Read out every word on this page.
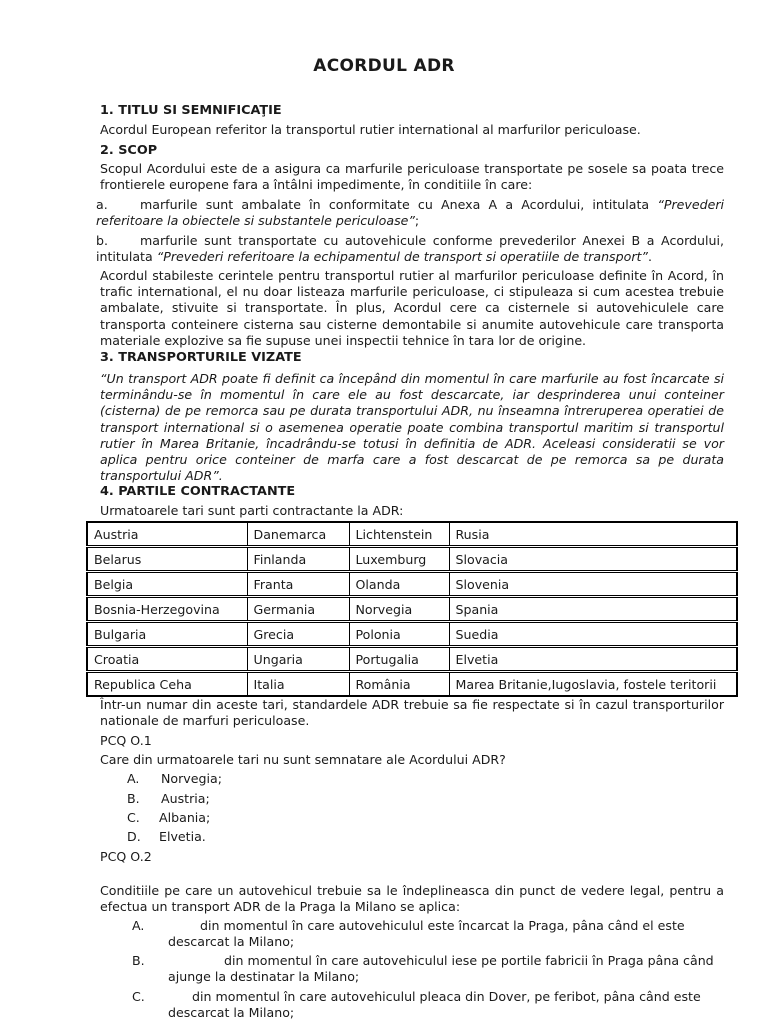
ACORDUL ADR
1. TITLU SI SEMNIFICAŢIE
Acordul European referitor la transportul rutier international al marfurilor periculoase.
2. SCOP
Scopul Acordului este de a asigura ca marfurile periculoase transportate pe sosele sa poata trece frontierele europene fara a întâlni impedimente, în conditiile în care:
a.	marfurile sunt ambalate în conformitate cu Anexa A a Acordului, intitulata “Prevederi referitoare la obiectele si substantele periculoase”;
b.	marfurile sunt transportate cu autovehicule conforme prevederilor Anexei B a Acordului, intitulata “Prevederi referitoare la echipamentul de transport si operatiile de transport”.
Acordul stabileste cerintele pentru transportul rutier al marfurilor periculoase definite în Acord, în trafic international, el nu doar listeaza marfurile periculoase, ci stipuleaza si cum acestea trebuie ambalate, stivuite si transportate. În plus, Acordul cere ca cisternele si autovehiculele care transporta conteinere cisterna sau cisterne demontabile si anumite autovehicule care transporta materiale explozive sa fie supuse unei inspectii tehnice în tara lor de origine.
3. TRANSPORTURILE VIZATE
“Un transport ADR poate fi definit ca începând din momentul în care marfurile au fost încarcate si terminându-se în momentul în care ele au fost descarcate, iar desprinderea unui conteiner (cisterna) de pe remorca sau pe durata transportului ADR, nu înseamna întreruperea operatiei de transport international si o asemenea operatie poate combina transportul maritim si transportul rutier în Marea Britanie, încadrându-se totusi în definitia de ADR. Aceleasi consideratii se vor aplica pentru orice conteiner de marfa care a fost descarcat de pe remorca sa pe durata transportului ADR”.
4. PARTILE CONTRACTANTE
Urmatoarele tari sunt parti contractante la ADR:
Austria	Danemarca	Lichtenstein	Rusia
Belarus	Finlanda	Luxemburg	Slovacia
Belgia	Franta	Olanda	Slovenia
Bosnia-Herzegovina	Germania	Norvegia	Spania
Bulgaria	Grecia	Polonia	Suedia
Croatia	Ungaria	Portugalia	Elvetia
Republica Ceha	Italia	România	Marea Britanie,Iugoslavia, fostele teritorii
Într-un numar din aceste tari, standardele ADR trebuie sa fie respectate si în cazul transporturilor nationale de marfuri periculoase.
PCQ O.1
Care din urmatoarele tari nu sunt semnatare ale Acordului ADR?
A. Norvegia;
B. Austria;
C. Albania;
D. Elvetia.
PCQ O.2
Conditiile pe care un autovehicul trebuie sa le îndeplineasca din punct de vedere legal, pentru a efectua un transport ADR de la Praga la Milano se aplica:
A.	din momentul în care autovehiculul este încarcat la Praga, pâna când el este
descarcat la Milano;
B.	din momentul în care autovehiculul iese pe portile fabricii în Praga pâna când
ajunge la destinatar la Milano;
C.	din momentul în care autovehiculul pleaca din Dover, pe feribot, pâna când este
descarcat la Milano;
